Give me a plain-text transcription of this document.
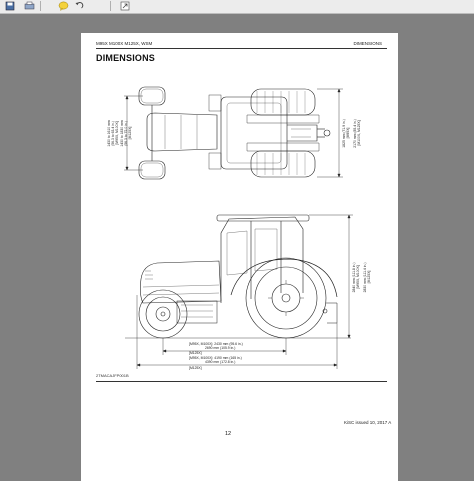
M95X M100X M125X, WSM	DIMENSIONS
DIMENSIONS
1430 to 1610 mm (56.3 to 63.4 in.) [M95X, M100X] 1430 to 1830 mm (56.3 to 72.0 in.) [M125X]	1825 mm (71.9 in.) [M95X] 2170 mm (85.4 in.) [M100X, M125X]
2840 mm (111.8 in.) [M95X, M100X] 2830 mm (111.4 in.) [M125X]
[M95X, M100X]: 2430 mm (95.6 in.)
2690 mm (105.9 in.)
[M125X]
[M95X, M100X]: 4190 mm (165 in.)
4390 mm (172.8 in.)
[M125X]
2TMACAJFP001B
12
KiSC issued 10, 2017 A
